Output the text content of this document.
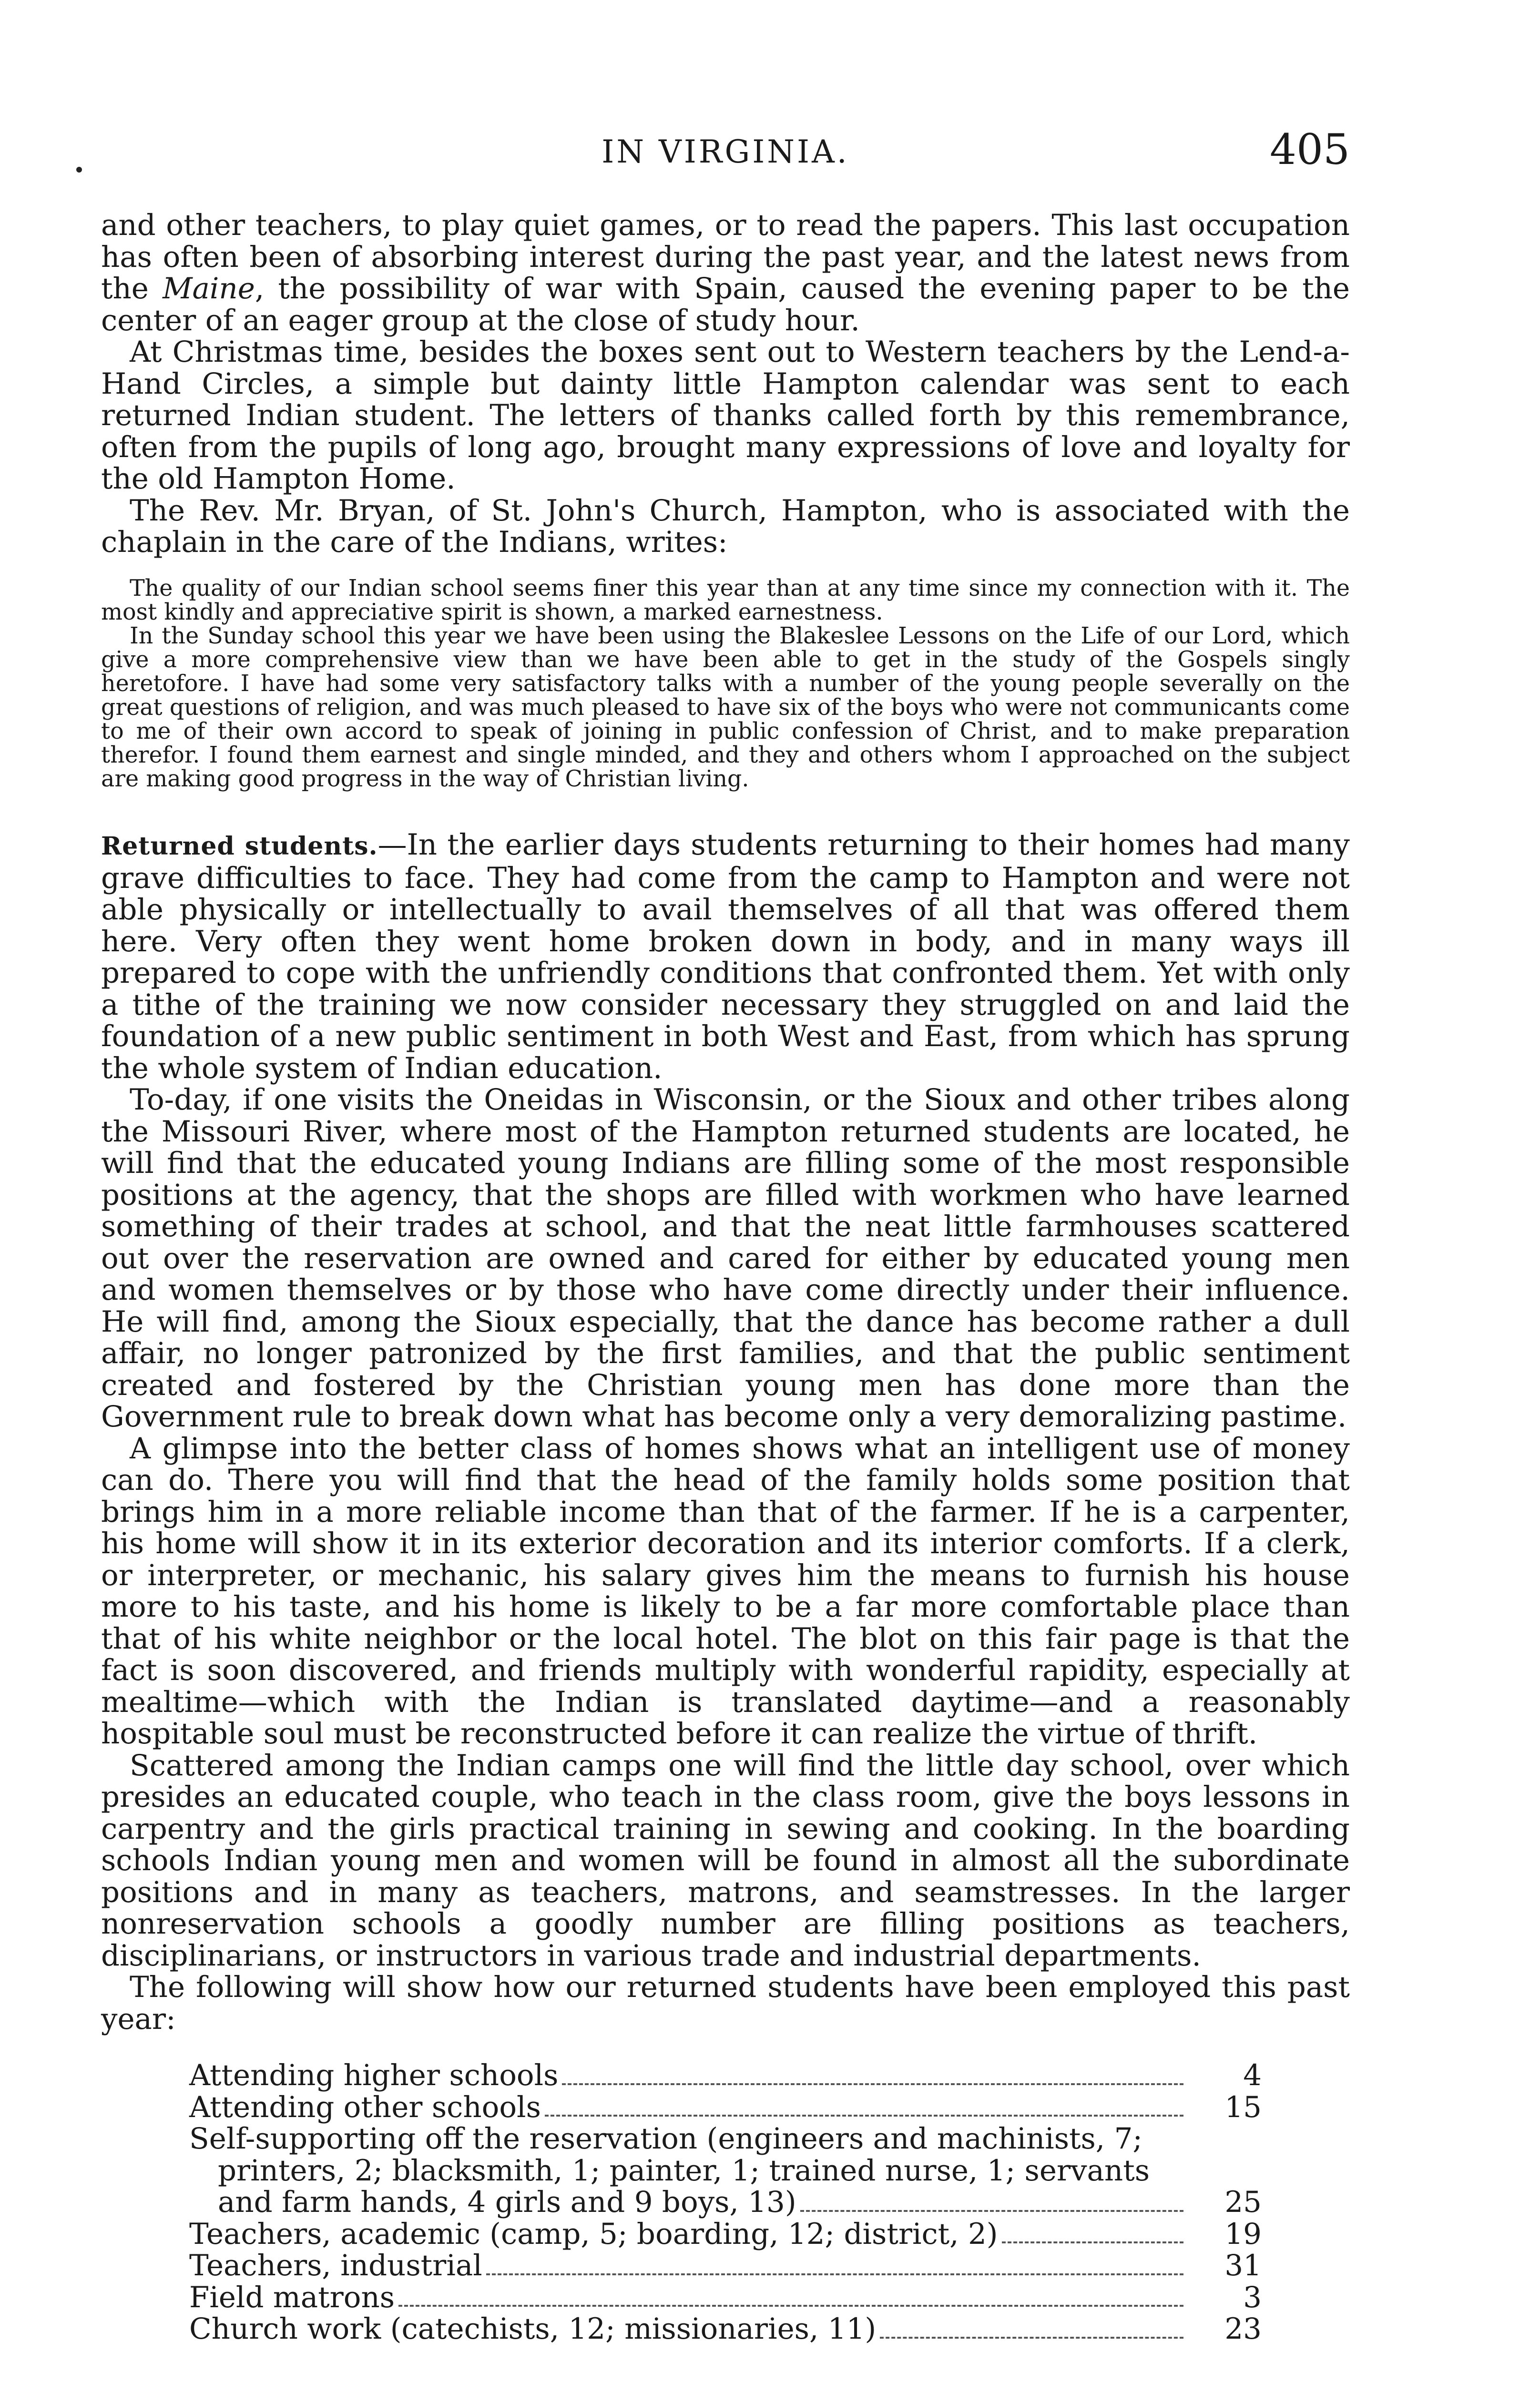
IN VIRGINIA.	405

and other teachers, to play quiet games, or to read the papers. This last occupation has often been of absorbing interest during the past year, and the latest news from the Maine, the possibility of war with Spain, caused the evening paper to be the center of an eager group at the close of study hour.

At Christmas time, besides the boxes sent out to Western teachers by the Lend-a-Hand Circles, a simple but dainty little Hampton calendar was sent to each returned Indian student. The letters of thanks called forth by this remembrance, often from the pupils of long ago, brought many expressions of love and loyalty for the old Hampton Home.

The Rev. Mr. Bryan, of St. John's Church, Hampton, who is associated with the chaplain in the care of the Indians, writes:

The quality of our Indian school seems finer this year than at any time since my connection with it. The most kindly and appreciative spirit is shown, a marked earnestness.

In the Sunday school this year we have been using the Blakeslee Lessons on the Life of our Lord, which give a more comprehensive view than we have been able to get in the study of the Gospels singly heretofore. I have had some very satisfactory talks with a number of the young people severally on the great questions of religion, and was much pleased to have six of the boys who were not communicants come to me of their own accord to speak of joining in public confession of Christ, and to make preparation therefor. I found them earnest and single minded, and they and others whom I approached on the subject are making good progress in the way of Christian living.

Returned students.—In the earlier days students returning to their homes had many grave difficulties to face. They had come from the camp to Hampton and were not able physically or intellectually to avail themselves of all that was offered them here. Very often they went home broken down in body, and in many ways ill prepared to cope with the unfriendly conditions that confronted them. Yet with only a tithe of the training we now consider necessary they struggled on and laid the foundation of a new public sentiment in both West and East, from which has sprung the whole system of Indian education.

To-day, if one visits the Oneidas in Wisconsin, or the Sioux and other tribes along the Missouri River, where most of the Hampton returned students are located, he will find that the educated young Indians are filling some of the most responsible positions at the agency, that the shops are filled with workmen who have learned something of their trades at school, and that the neat little farmhouses scattered out over the reservation are owned and cared for either by educated young men and women themselves or by those who have come directly under their influence. He will find, among the Sioux especially, that the dance has become rather a dull affair, no longer patronized by the first families, and that the public sentiment created and fostered by the Christian young men has done more than the Government rule to break down what has become only a very demoralizing pastime.

A glimpse into the better class of homes shows what an intelligent use of money can do. There you will find that the head of the family holds some position that brings him in a more reliable income than that of the farmer. If he is a carpenter, his home will show it in its exterior decoration and its interior comforts. If a clerk, or interpreter, or mechanic, his salary gives him the means to furnish his house more to his taste, and his home is likely to be a far more comfortable place than that of his white neighbor or the local hotel. The blot on this fair page is that the fact is soon discovered, and friends multiply with wonderful rapidity, especially at mealtime—which with the Indian is translated daytime—and a reasonably hospitable soul must be reconstructed before it can realize the virtue of thrift.

Scattered among the Indian camps one will find the little day school, over which presides an educated couple, who teach in the class room, give the boys lessons in carpentry and the girls practical training in sewing and cooking. In the boarding schools Indian young men and women will be found in almost all the subordinate positions and in many as teachers, matrons, and seamstresses. In the larger nonreservation schools a goodly number are filling positions as teachers, disciplinarians, or instructors in various trade and industrial departments.

The following will show how our returned students have been employed this past year:

Attending higher schools	4
Attending other schools	15
Self-supporting off the reservation (engineers and machinists, 7;
printers, 2; blacksmith, 1; painter, 1; trained nurse, 1; servants
and farm hands, 4 girls and 9 boys, 13)	25
Teachers, academic (camp, 5; boarding, 12; district, 2)	19
Teachers, industrial	31
Field matrons	3
Church work (catechists, 12; missionaries, 11)	23
